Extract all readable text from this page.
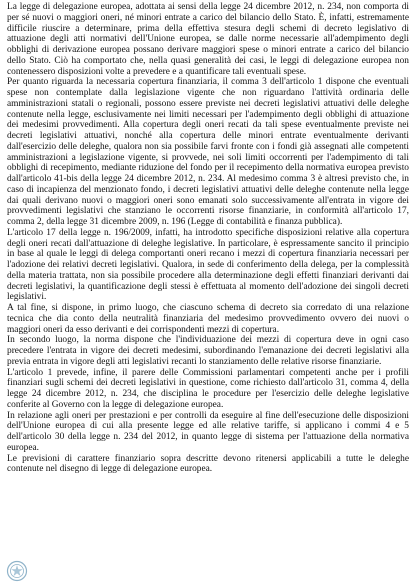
La legge di delegazione europea, adottata ai sensi della legge 24 dicembre 2012, n. 234, non comporta di per sé nuovi o maggiori oneri, né minori entrate a carico del bilancio dello Stato. È, infatti, estremamente difficile riuscire a determinare, prima della effettiva stesura degli schemi di decreto legislativo di attuazione degli atti normativi dell'Unione europea, se dalle norme necessarie all'adempimento degli obblighi di derivazione europea possano derivare maggiori spese o minori entrate a carico del bilancio dello Stato. Ciò ha comportato che, nella quasi generalità dei casi, le leggi di delegazione europea non contenessero disposizioni volte a prevedere e a quantificare tali eventuali spese.

Per quanto riguarda la necessaria copertura finanziaria, il comma 3 dell'articolo 1 dispone che eventuali spese non contemplate dalla legislazione vigente che non riguardano l'attività ordinaria delle amministrazioni statali o regionali, possono essere previste nei decreti legislativi attuativi delle deleghe contenute nella legge, esclusivamente nei limiti necessari per l'adempimento degli obblighi di attuazione dei medesimi provvedimenti. Alla copertura degli oneri recati da tali spese eventualmente previste nei decreti legislativi attuativi, nonché alla copertura delle minori entrate eventualmente derivanti dall'esercizio delle deleghe, qualora non sia possibile farvi fronte con i fondi già assegnati alle competenti amministrazioni a legislazione vigente, si provvede, nei soli limiti occorrenti per l'adempimento di tali obblighi di recepimento, mediante riduzione del fondo per il recepimento della normativa europea previsto dall'articolo 41-bis della legge 24 dicembre 2012, n. 234. Al medesimo comma 3 è altresì previsto che, in caso di incapienza del menzionato fondo, i decreti legislativi attuativi delle deleghe contenute nella legge dai quali derivano nuovi o maggiori oneri sono emanati solo successivamente all'entrata in vigore dei provvedimenti legislativi che stanziano le occorrenti risorse finanziarie, in conformità all'articolo 17, comma 2, della legge 31 dicembre 2009, n. 196 (Legge di contabilità e finanza pubblica).

L'articolo 17 della legge n. 196/2009, infatti, ha introdotto specifiche disposizioni relative alla copertura degli oneri recati dall'attuazione di deleghe legislative. In particolare, è espressamente sancito il principio in base al quale le leggi di delega comportanti oneri recano i mezzi di copertura finanziaria necessari per l'adozione dei relativi decreti legislativi. Qualora, in sede di conferimento della delega, per la complessità della materia trattata, non sia possibile procedere alla determinazione degli effetti finanziari derivanti dai decreti legislativi, la quantificazione degli stessi è effettuata al momento dell'adozione dei singoli decreti legislativi.

A tal fine, si dispone, in primo luogo, che ciascuno schema di decreto sia corredato di una relazione tecnica che dia conto della neutralità finanziaria del medesimo provvedimento ovvero dei nuovi o maggiori oneri da esso derivanti e dei corrispondenti mezzi di copertura.

In secondo luogo, la norma dispone che l'individuazione dei mezzi di copertura deve in ogni caso precedere l'entrata in vigore dei decreti medesimi, subordinando l'emanazione dei decreti legislativi alla previa entrata in vigore degli atti legislativi recanti lo stanziamento delle relative risorse finanziarie.

L'articolo 1 prevede, infine, il parere delle Commissioni parlamentari competenti anche per i profili finanziari sugli schemi dei decreti legislativi in questione, come richiesto dall'articolo 31, comma 4, della legge 24 dicembre 2012, n. 234, che disciplina le procedure per l'esercizio delle deleghe legislative conferite al Governo con la legge di delegazione europea.

In relazione agli oneri per prestazioni e per controlli da eseguire al fine dell'esecuzione delle disposizioni dell'Unione europea di cui alla presente legge ed alle relative tariffe, si applicano i commi 4 e 5 dell'articolo 30 della legge n. 234 del 2012, in quanto legge di sistema per l'attuazione della normativa europea.

Le previsioni di carattere finanziario sopra descritte devono ritenersi applicabili a tutte le deleghe contenute nel disegno di legge di delegazione europea.
